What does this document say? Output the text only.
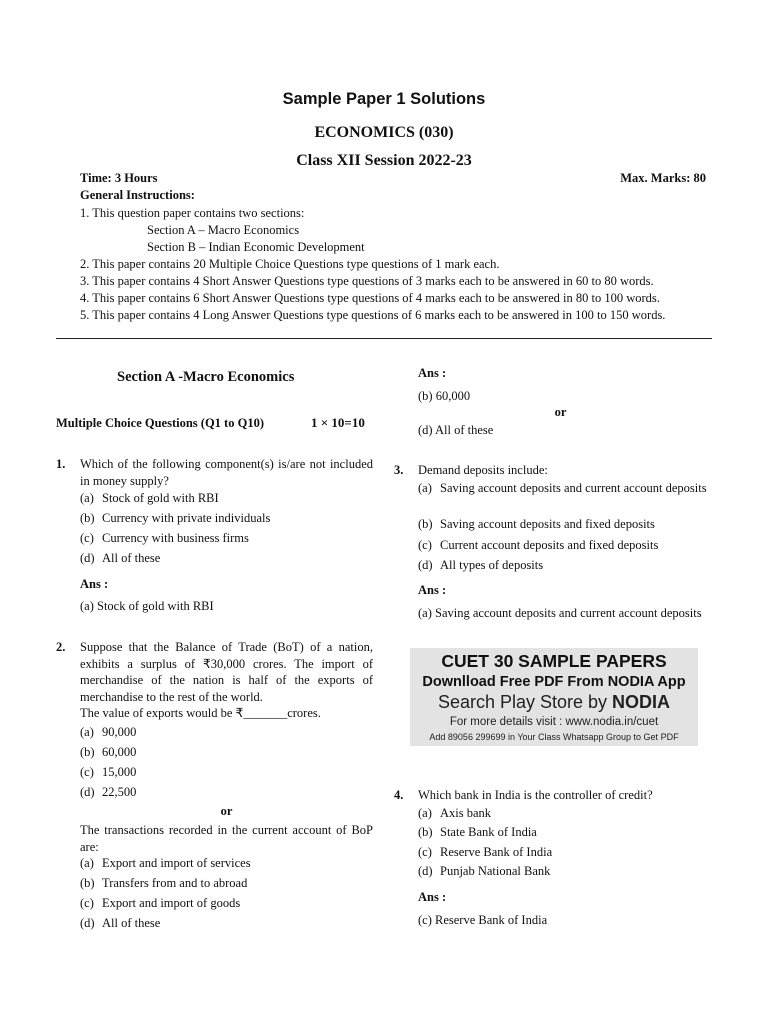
Sample Paper 1 Solutions
ECONOMICS (030)
Class XII Session 2022-23
Time: 3 Hours	Max. Marks: 80
General Instructions:
1. This question paper contains two sections:
Section A – Macro Economics
Section B – Indian Economic Development
2. This paper contains 20 Multiple Choice Questions type questions of 1 mark each.
3. This paper contains 4 Short Answer Questions type questions of 3 marks each to be answered in 60 to 80 words.
4. This paper contains 6 Short Answer Questions type questions of 4 marks each to be answered in 80 to 100 words.
5. This paper contains 4 Long Answer Questions type questions of 6 marks each to be answered in 100 to 150 words.
Section A -Macro Economics
Multiple Choice Questions (Q1 to Q10)	1 × 10=10
1. Which of the following component(s) is/are not included in money supply?
(a) Stock of gold with RBI
(b) Currency with private individuals
(c) Currency with business firms
(d) All of these
Ans :
(a) Stock of gold with RBI
2. Suppose that the Balance of Trade (BoT) of a nation, exhibits a surplus of ₹30,000 crores. The import of merchandise of the nation is half of the exports of merchandise to the rest of the world.
The value of exports would be ₹_______crores.
(a) 90,000
(b) 60,000
(c) 15,000
(d) 22,500
or
The transactions recorded in the current account of BoP are:
(a) Export and import of services
(b) Transfers from and to abroad
(c) Export and import of goods
(d) All of these
Ans :
(b) 60,000
or
(d) All of these
3. Demand deposits include:
(a) Saving account deposits and current account deposits
(b) Saving account deposits and fixed deposits
(c) Current account deposits and fixed deposits
(d) All types of deposits
Ans :
(a) Saving account deposits and current account deposits
CUET 30 SAMPLE PAPERS
Downlload Free PDF From NODIA App
Search Play Store by NODIA
For more details visit : www.nodia.in/cuet
Add 89056 299699 in Your Class Whatsapp Group to Get PDF
4. Which bank in India is the controller of credit?
(a) Axis bank
(b) State Bank of India
(c) Reserve Bank of India
(d) Punjab National Bank
Ans :
(c) Reserve Bank of India
